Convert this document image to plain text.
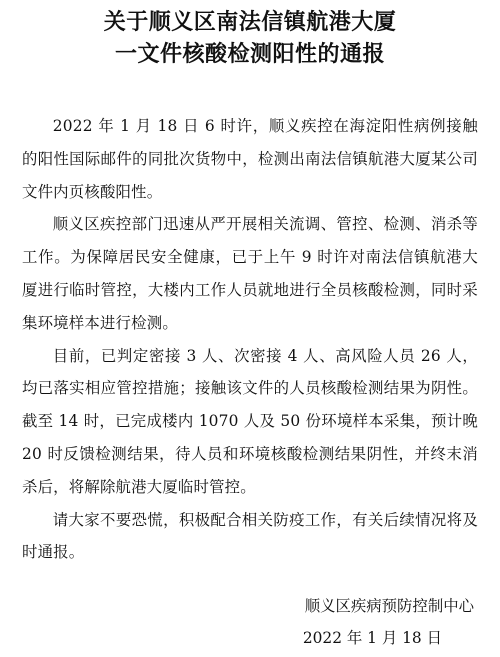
关于顺义区南法信镇航港大厦
一文件核酸检测阳性的通报

2022 年 1 月 18 日 6 时许，顺义疾控在海淀阳性病例接触的阳性国际邮件的同批次货物中，检测出南法信镇航港大厦某公司文件内页核酸阳性。

顺义区疾控部门迅速从严开展相关流调、管控、检测、消杀等工作。为保障居民安全健康，已于上午 9 时许对南法信镇航港大厦进行临时管控，大楼内工作人员就地进行全员核酸检测，同时采集环境样本进行检测。

目前，已判定密接 3 人、次密接 4 人、高风险人员 26 人，均已落实相应管控措施；接触该文件的人员核酸检测结果为阴性。截至 14 时，已完成楼内 1070 人及 50 份环境样本采集，预计晚 20 时反馈检测结果，待人员和环境核酸检测结果阴性，并终末消杀后，将解除航港大厦临时管控。

请大家不要恐慌，积极配合相关防疫工作，有关后续情况将及时通报。

顺义区疾病预防控制中心
2022 年 1 月 18 日
